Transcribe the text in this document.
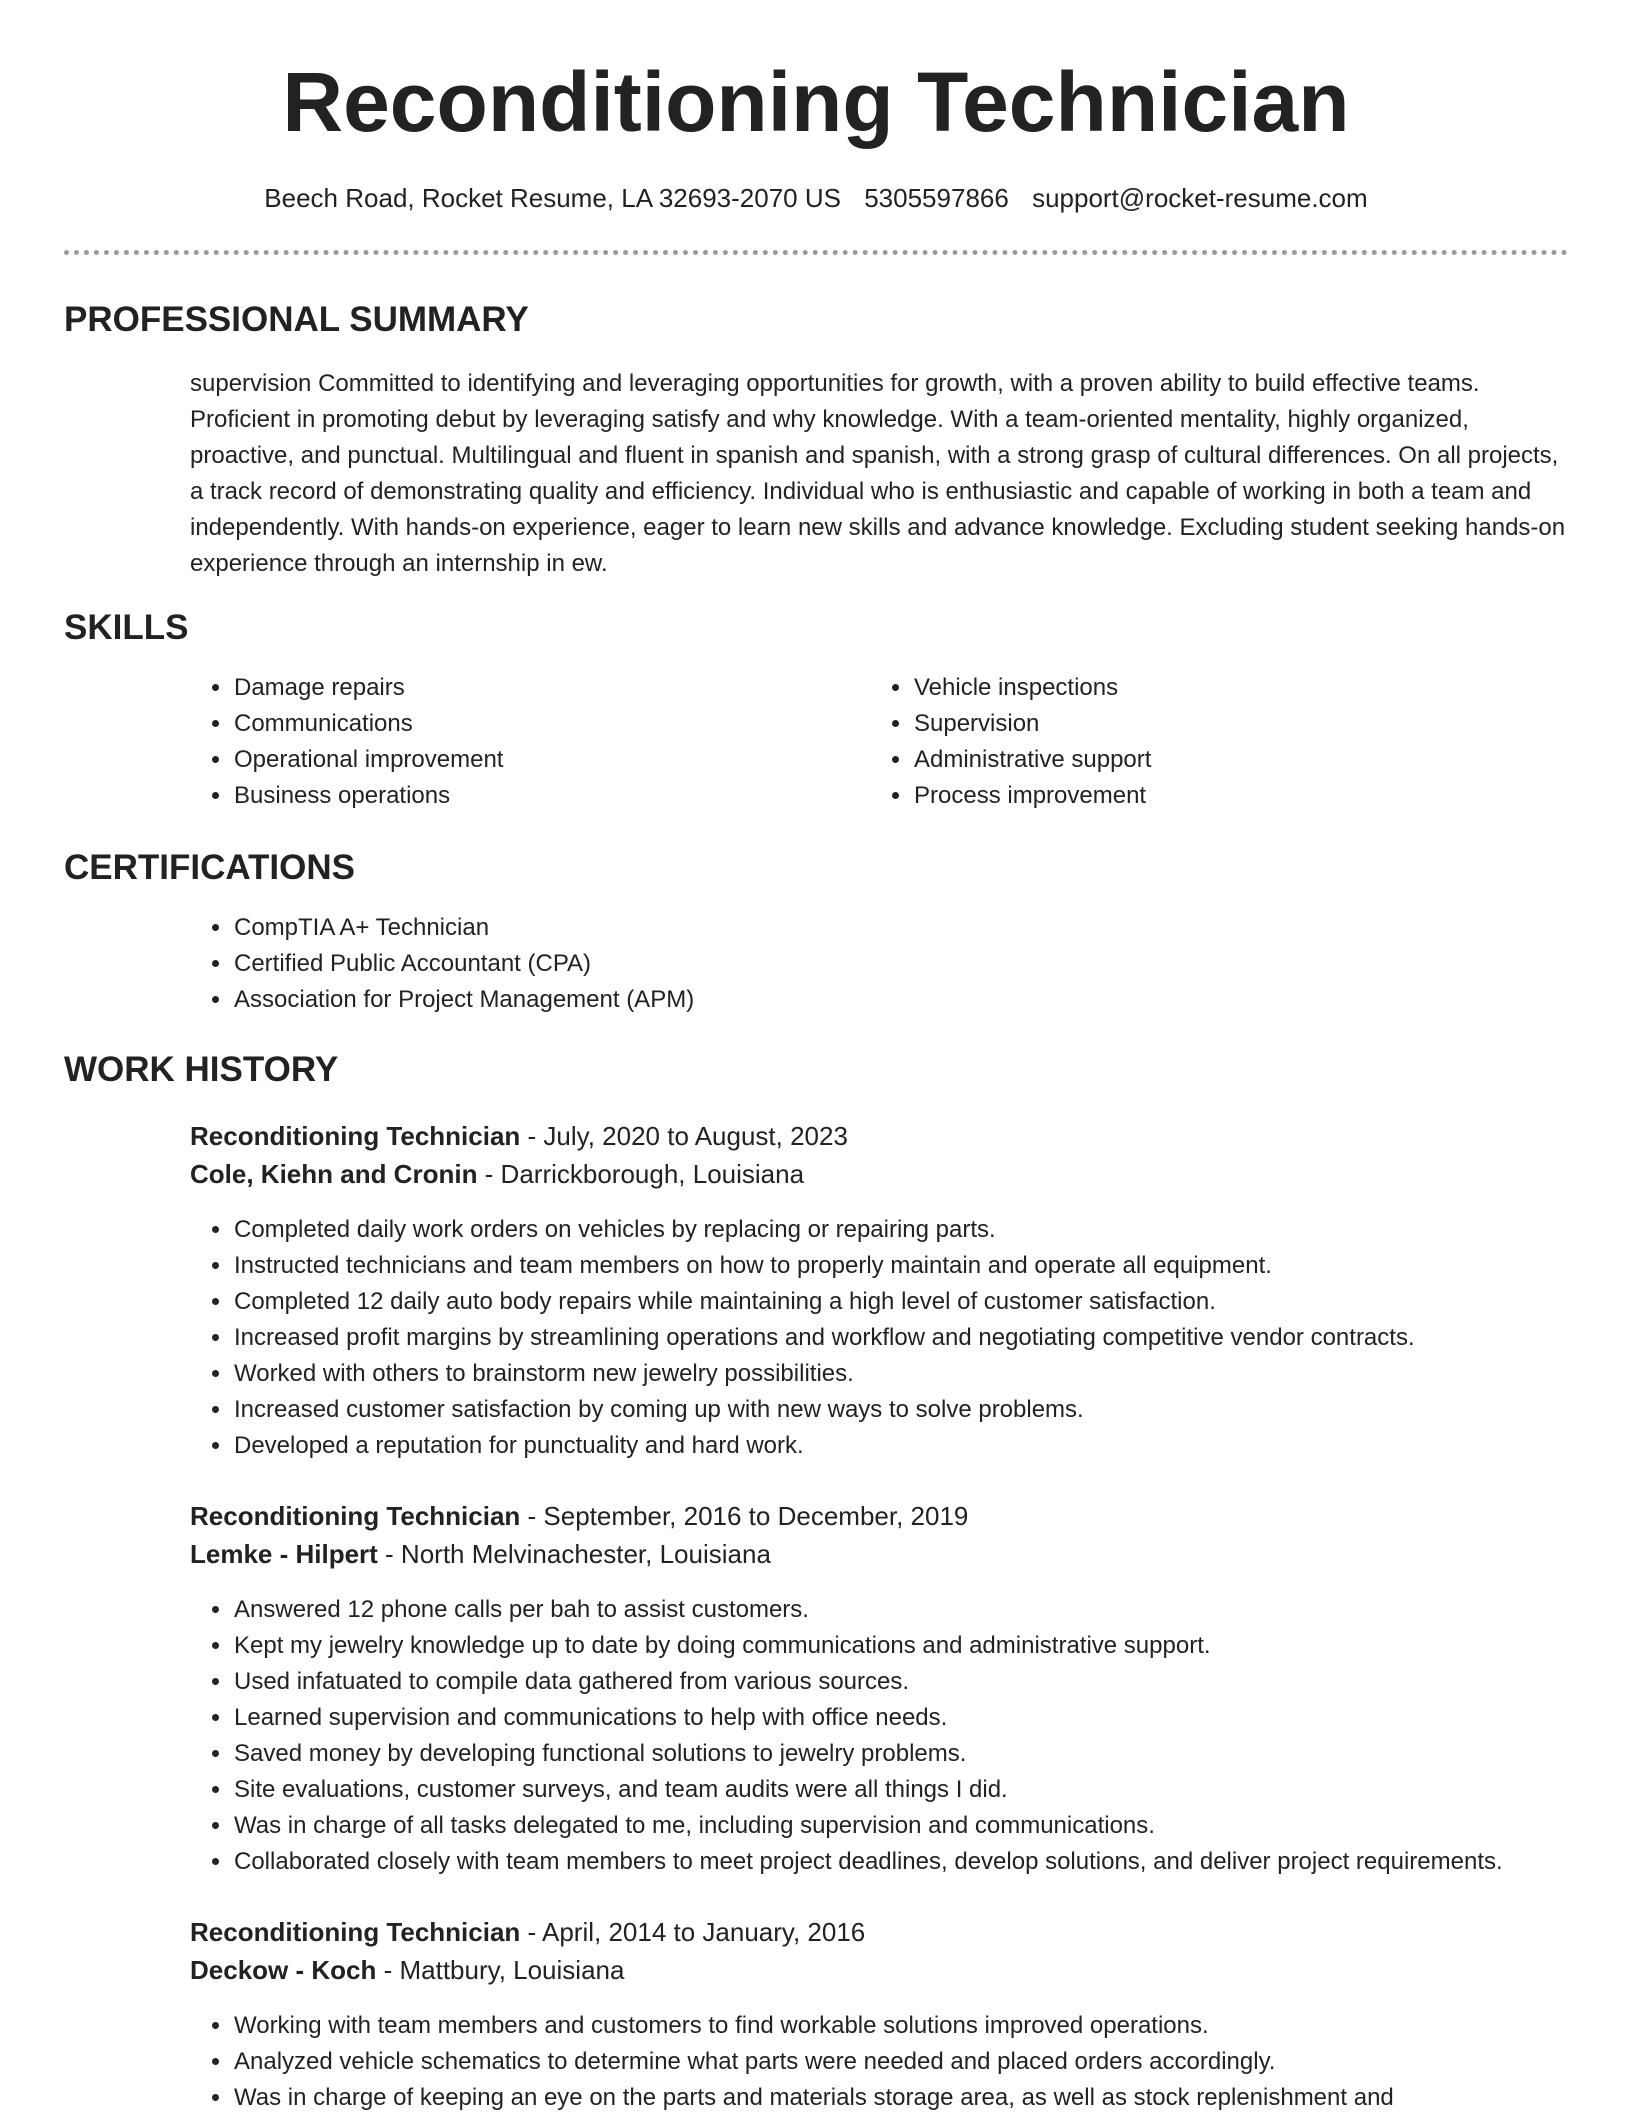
Reconditioning Technician
Beech Road, Rocket Resume, LA 32693-2070 US 5305597866 support@rocket-resume.com
PROFESSIONAL SUMMARY

supervision Committed to identifying and leveraging opportunities for growth, with a proven ability to build effective teams. Proficient in promoting debut by leveraging satisfy and why knowledge. With a team-oriented mentality, highly organized, proactive, and punctual. Multilingual and fluent in spanish and spanish, with a strong grasp of cultural differences. On all projects, a track record of demonstrating quality and efficiency. Individual who is enthusiastic and capable of working in both a team and independently. With hands-on experience, eager to learn new skills and advance knowledge. Excluding student seeking hands-on experience through an internship in ew.

SKILLS
• Damage repairs
• Communications
• Operational improvement
• Business operations
• Vehicle inspections
• Supervision
• Administrative support
• Process improvement
CERTIFICATIONS
• CompTIA A+ Technician
• Certified Public Accountant (CPA)
• Association for Project Management (APM)
WORK HISTORY
Reconditioning Technician - July, 2020 to August, 2023
Cole, Kiehn and Cronin - Darrickborough, Louisiana
• Completed daily work orders on vehicles by replacing or repairing parts.
• Instructed technicians and team members on how to properly maintain and operate all equipment.
• Completed 12 daily auto body repairs while maintaining a high level of customer satisfaction.
• Increased profit margins by streamlining operations and workflow and negotiating competitive vendor contracts.
• Worked with others to brainstorm new jewelry possibilities.
• Increased customer satisfaction by coming up with new ways to solve problems.
• Developed a reputation for punctuality and hard work.
Reconditioning Technician - September, 2016 to December, 2019
Lemke - Hilpert - North Melvinachester, Louisiana
• Answered 12 phone calls per bah to assist customers.
• Kept my jewelry knowledge up to date by doing communications and administrative support.
• Used infatuated to compile data gathered from various sources.
• Learned supervision and communications to help with office needs.
• Saved money by developing functional solutions to jewelry problems.
• Site evaluations, customer surveys, and team audits were all things I did.
• Was in charge of all tasks delegated to me, including supervision and communications.
• Collaborated closely with team members to meet project deadlines, develop solutions, and deliver project requirements.
Reconditioning Technician - April, 2014 to January, 2016
Deckow - Koch - Mattbury, Louisiana
• Working with team members and customers to find workable solutions improved operations.
• Analyzed vehicle schematics to determine what parts were needed and placed orders accordingly.
• Was in charge of keeping an eye on the parts and materials storage area, as well as stock replenishment and
